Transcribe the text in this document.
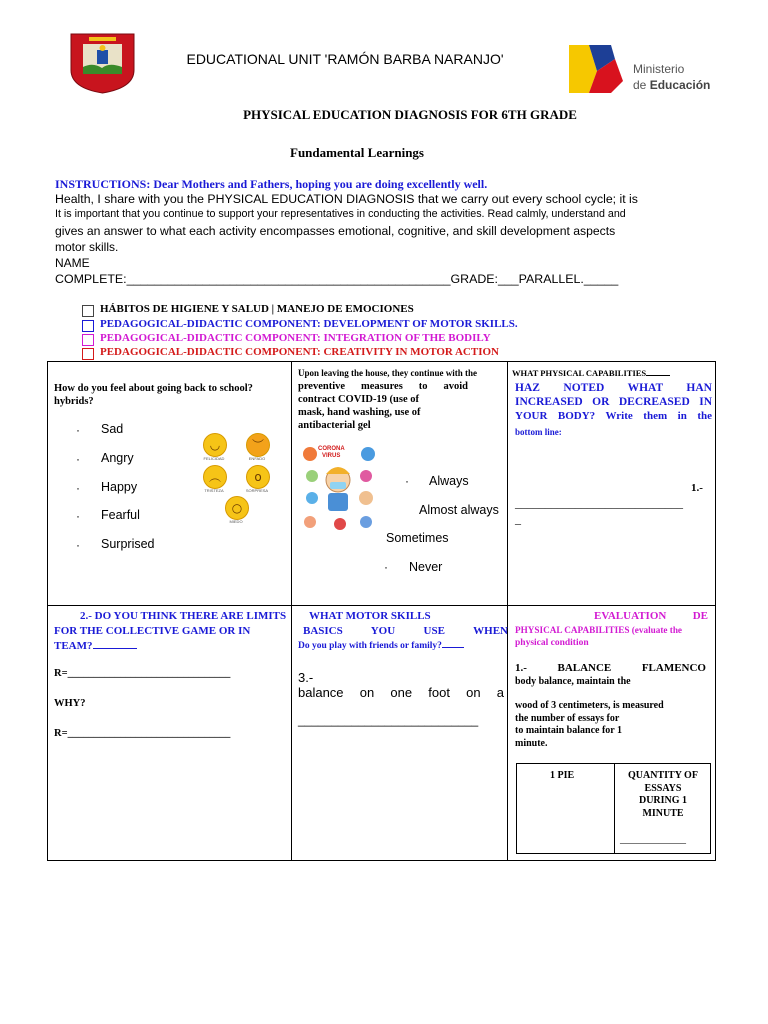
EDUCATIONAL UNIT 'RAMÓN BARBA NARANJO'
Ministerio
de Educación
PHYSICAL EDUCATION DIAGNOSIS FOR 6TH GRADE
Fundamental Learnings
INSTRUCTIONS: Dear Mothers and Fathers, hoping you are doing excellently well.
Health, I share with you the PHYSICAL EDUCATION DIAGNOSIS that we carry out every school cycle; it is
It is important that you continue to support your representatives in conducting the activities. Read calmly, understand and
gives an answer to what each activity encompasses emotional, cognitive, and skill development aspects
motor skills.
NAME
COMPLETE:_______________________________________________GRADE:___PARALLEL._____
HÁBITOS DE HIGIENE Y SALUD | MANEJO DE EMOCIONES
PEDAGOGICAL-DIDACTIC COMPONENT: DEVELOPMENT OF MOTOR SKILLS.
PEDAGOGICAL-DIDACTIC COMPONENT: INTEGRATION OF THE BODILY
PEDAGOGICAL-DIDACTIC COMPONENT: CREATIVITY IN MOTOR ACTION
How do you feel about going back to school? hybrids?
· Sad
· Angry
· Happy
· Fearful
· Surprised
◡
FELICIDAD
︶
ENFADO
︵
TRISTEZA
o
SORPRESA
○
MIEDO
Upon leaving the house, they continue with the
preventive measures to avoid
contract COVID-19 (use of
mask, hand washing, use of
antibacterial gel
CORONA
VIRUS
· Always
Almost always
Sometimes
· Never
WHAT PHYSICAL CAPABILITIES
HAZ NOTED WHAT HAN
INCREASED OR DECREASED IN
YOUR BODY? Write them in the
bottom line:
1.-
____________________________
_
2.- DO YOU THINK THERE ARE LIMITS
FOR THE COLLECTIVE GAME OR IN
TEAM?
R=_______________________________
WHY?
R=_______________________________
WHAT MOTOR SKILLS
BASICS YOU USE WHEN
Do you play with friends or family?
3.-
balance on one foot on a
___________________________
EVALUATION DE
PHYSICAL CAPABILITIES (evaluate the
physical condition
1.- BALANCE FLAMENCO
body balance, maintain the
wood of 3 centimeters, is measured
the number of essays for
to maintain balance for 1
minute.
1 PIE	QUANTITY OF
ESSAYS
DURING 1
MINUTE
____________
